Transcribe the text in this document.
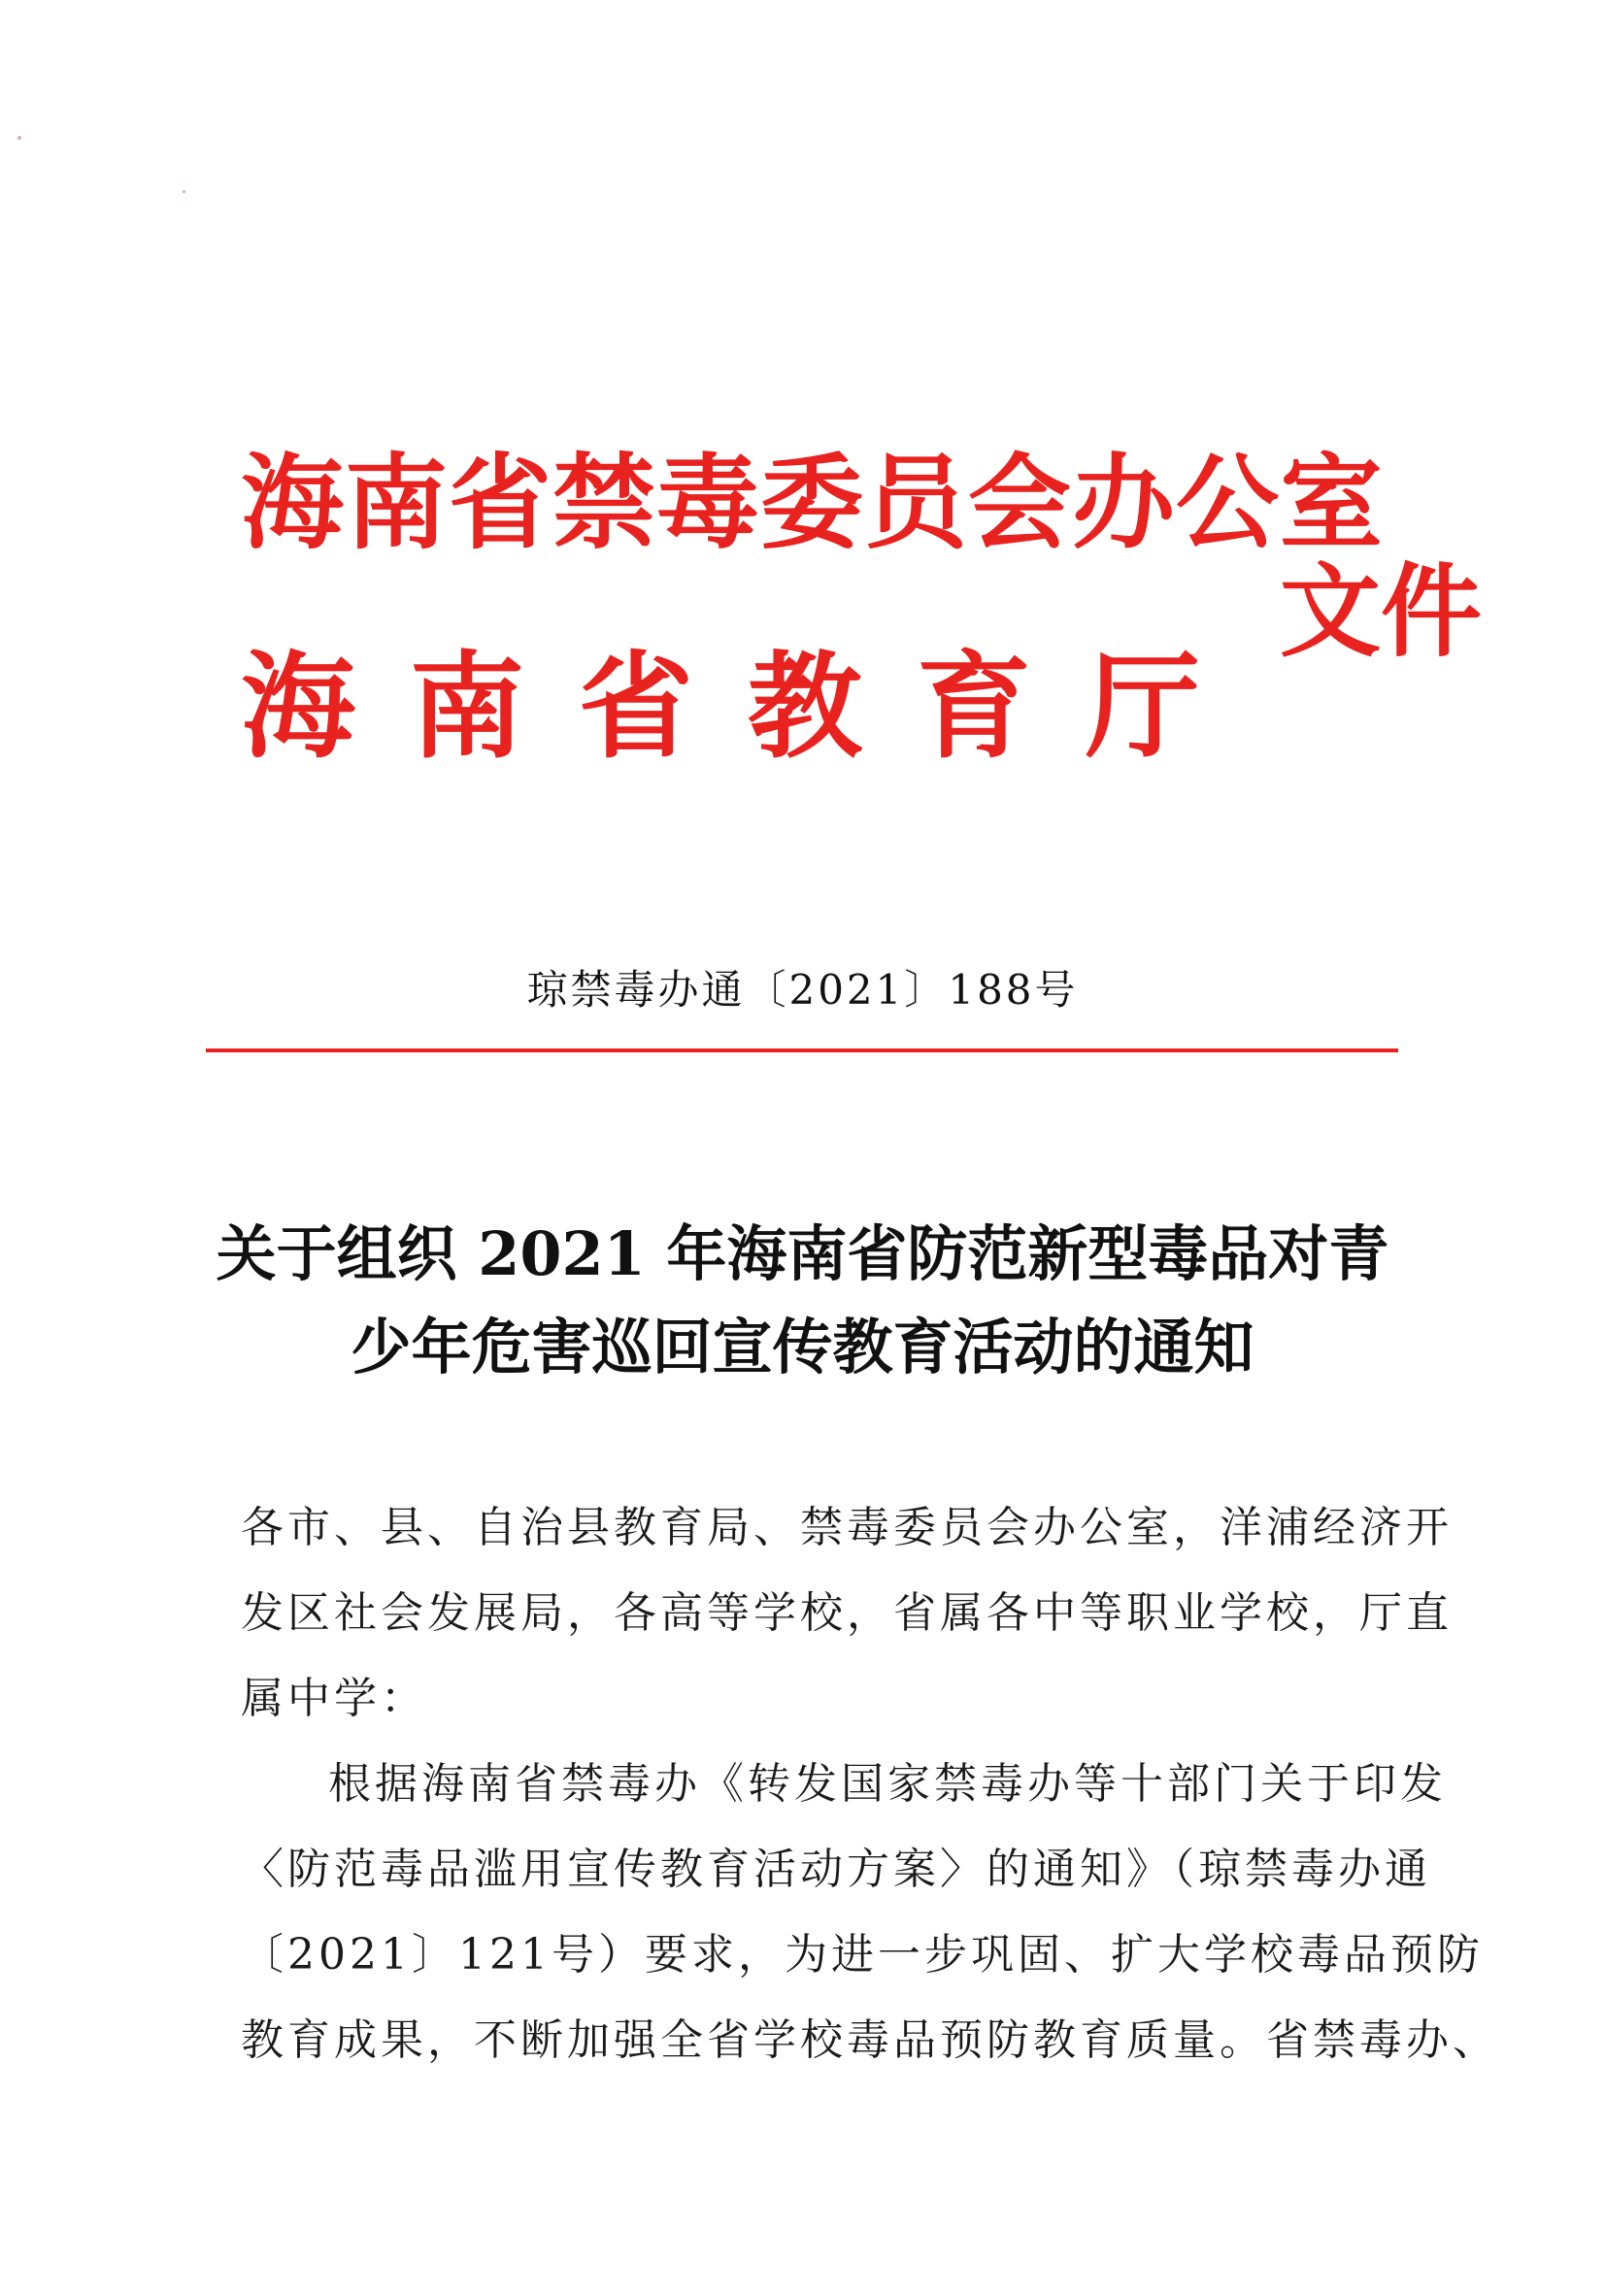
海南省禁毒委员会办公室
海南省教育厅
文件
琼禁毒办通〔2021〕188号
关于组织 2021 年海南省防范新型毒品对青
少年危害巡回宣传教育活动的通知
各市、县、自治县教育局、禁毒委员会办公室，洋浦经济开
发区社会发展局，各高等学校，省属各中等职业学校，厅直
属中学：
根据海南省禁毒办《转发国家禁毒办等十部门关于印发
〈防范毒品滥用宣传教育活动方案〉的通知》（琼禁毒办通
〔2021〕121号）要求，为进一步巩固、扩大学校毒品预防
教育成果，不断加强全省学校毒品预防教育质量。省禁毒办、
